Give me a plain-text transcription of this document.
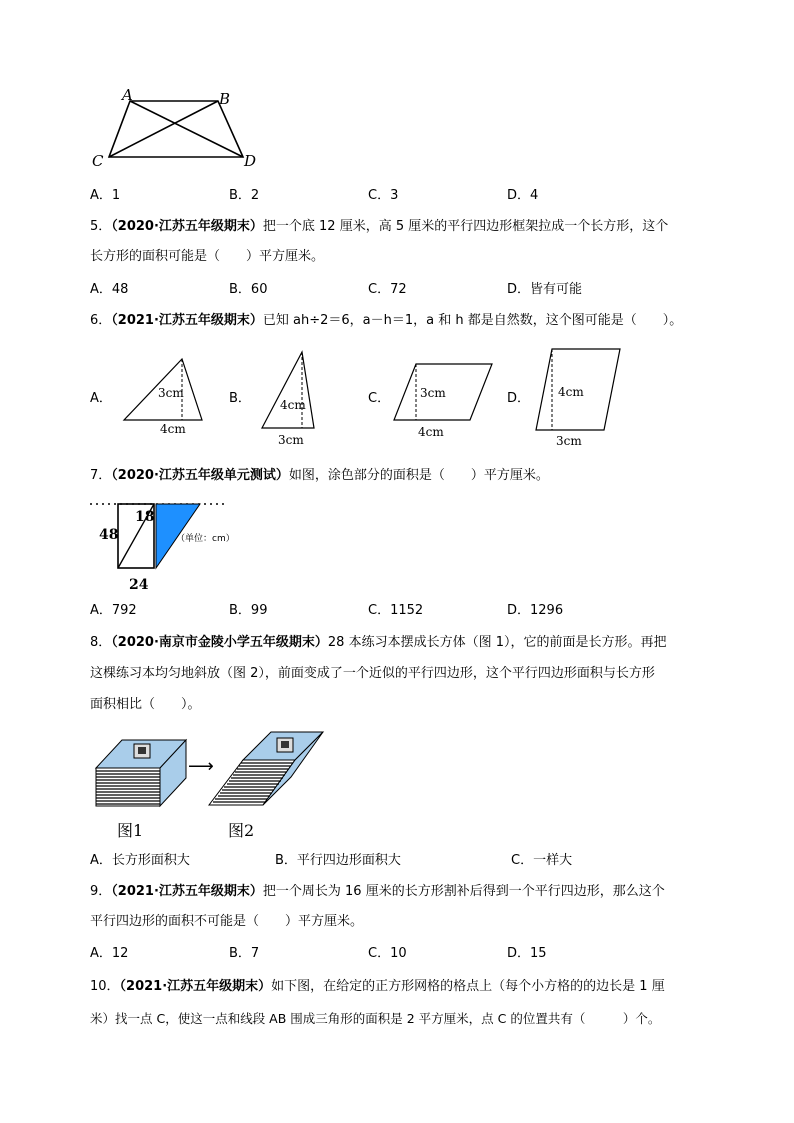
A	B
C	D
A．1	B．2	C．3	D．4
5．（2020·江苏五年级期末）把一个底 12 厘米，高 5 厘米的平行四边形框架拉成一个长方形，这个
长方形的面积可能是（　　）平方厘米。
A．48	B．60	C．72	D．皆有可能
6．（2021·江苏五年级期末）已知 ah÷2＝6，a－h＝1，a 和 h 都是自然数，这个图可能是（　　）。
A．	3cm
4cm
B． 4cm
3cm
C． 3cm
4cm
D． 4cm
3cm
7．（2020·江苏五年级单元测试）如图，涂色部分的面积是（　　）平方厘米。
48
18
24
（单位：cm）
A．792	B．99	C．1152	D．1296
8．（2020·南京市金陵小学五年级期末）28 本练习本摆成长方体（图 1），它的前面是长方形。再把
这棵练习本均匀地斜放（图 2），前面变成了一个近似的平行四边形，这个平行四边形面积与长方形
面积相比（　　）。
⟶
图1	图2
A．长方形面积大	B．平行四边形面积大	C．一样大
9．（2021·江苏五年级期末）把一个周长为 16 厘米的长方形割补后得到一个平行四边形，那么这个
平行四边形的面积不可能是（　　）平方厘米。
A．12	B．7	C．10	D．15
10．（2021·江苏五年级期末）如下图，在给定的正方形网格的格点上（每个小方格的的边长是 1 厘
米）找一点 C，使这一点和线段 AB 围成三角形的面积是 2 平方厘米，点 C 的位置共有（　　　）个。
